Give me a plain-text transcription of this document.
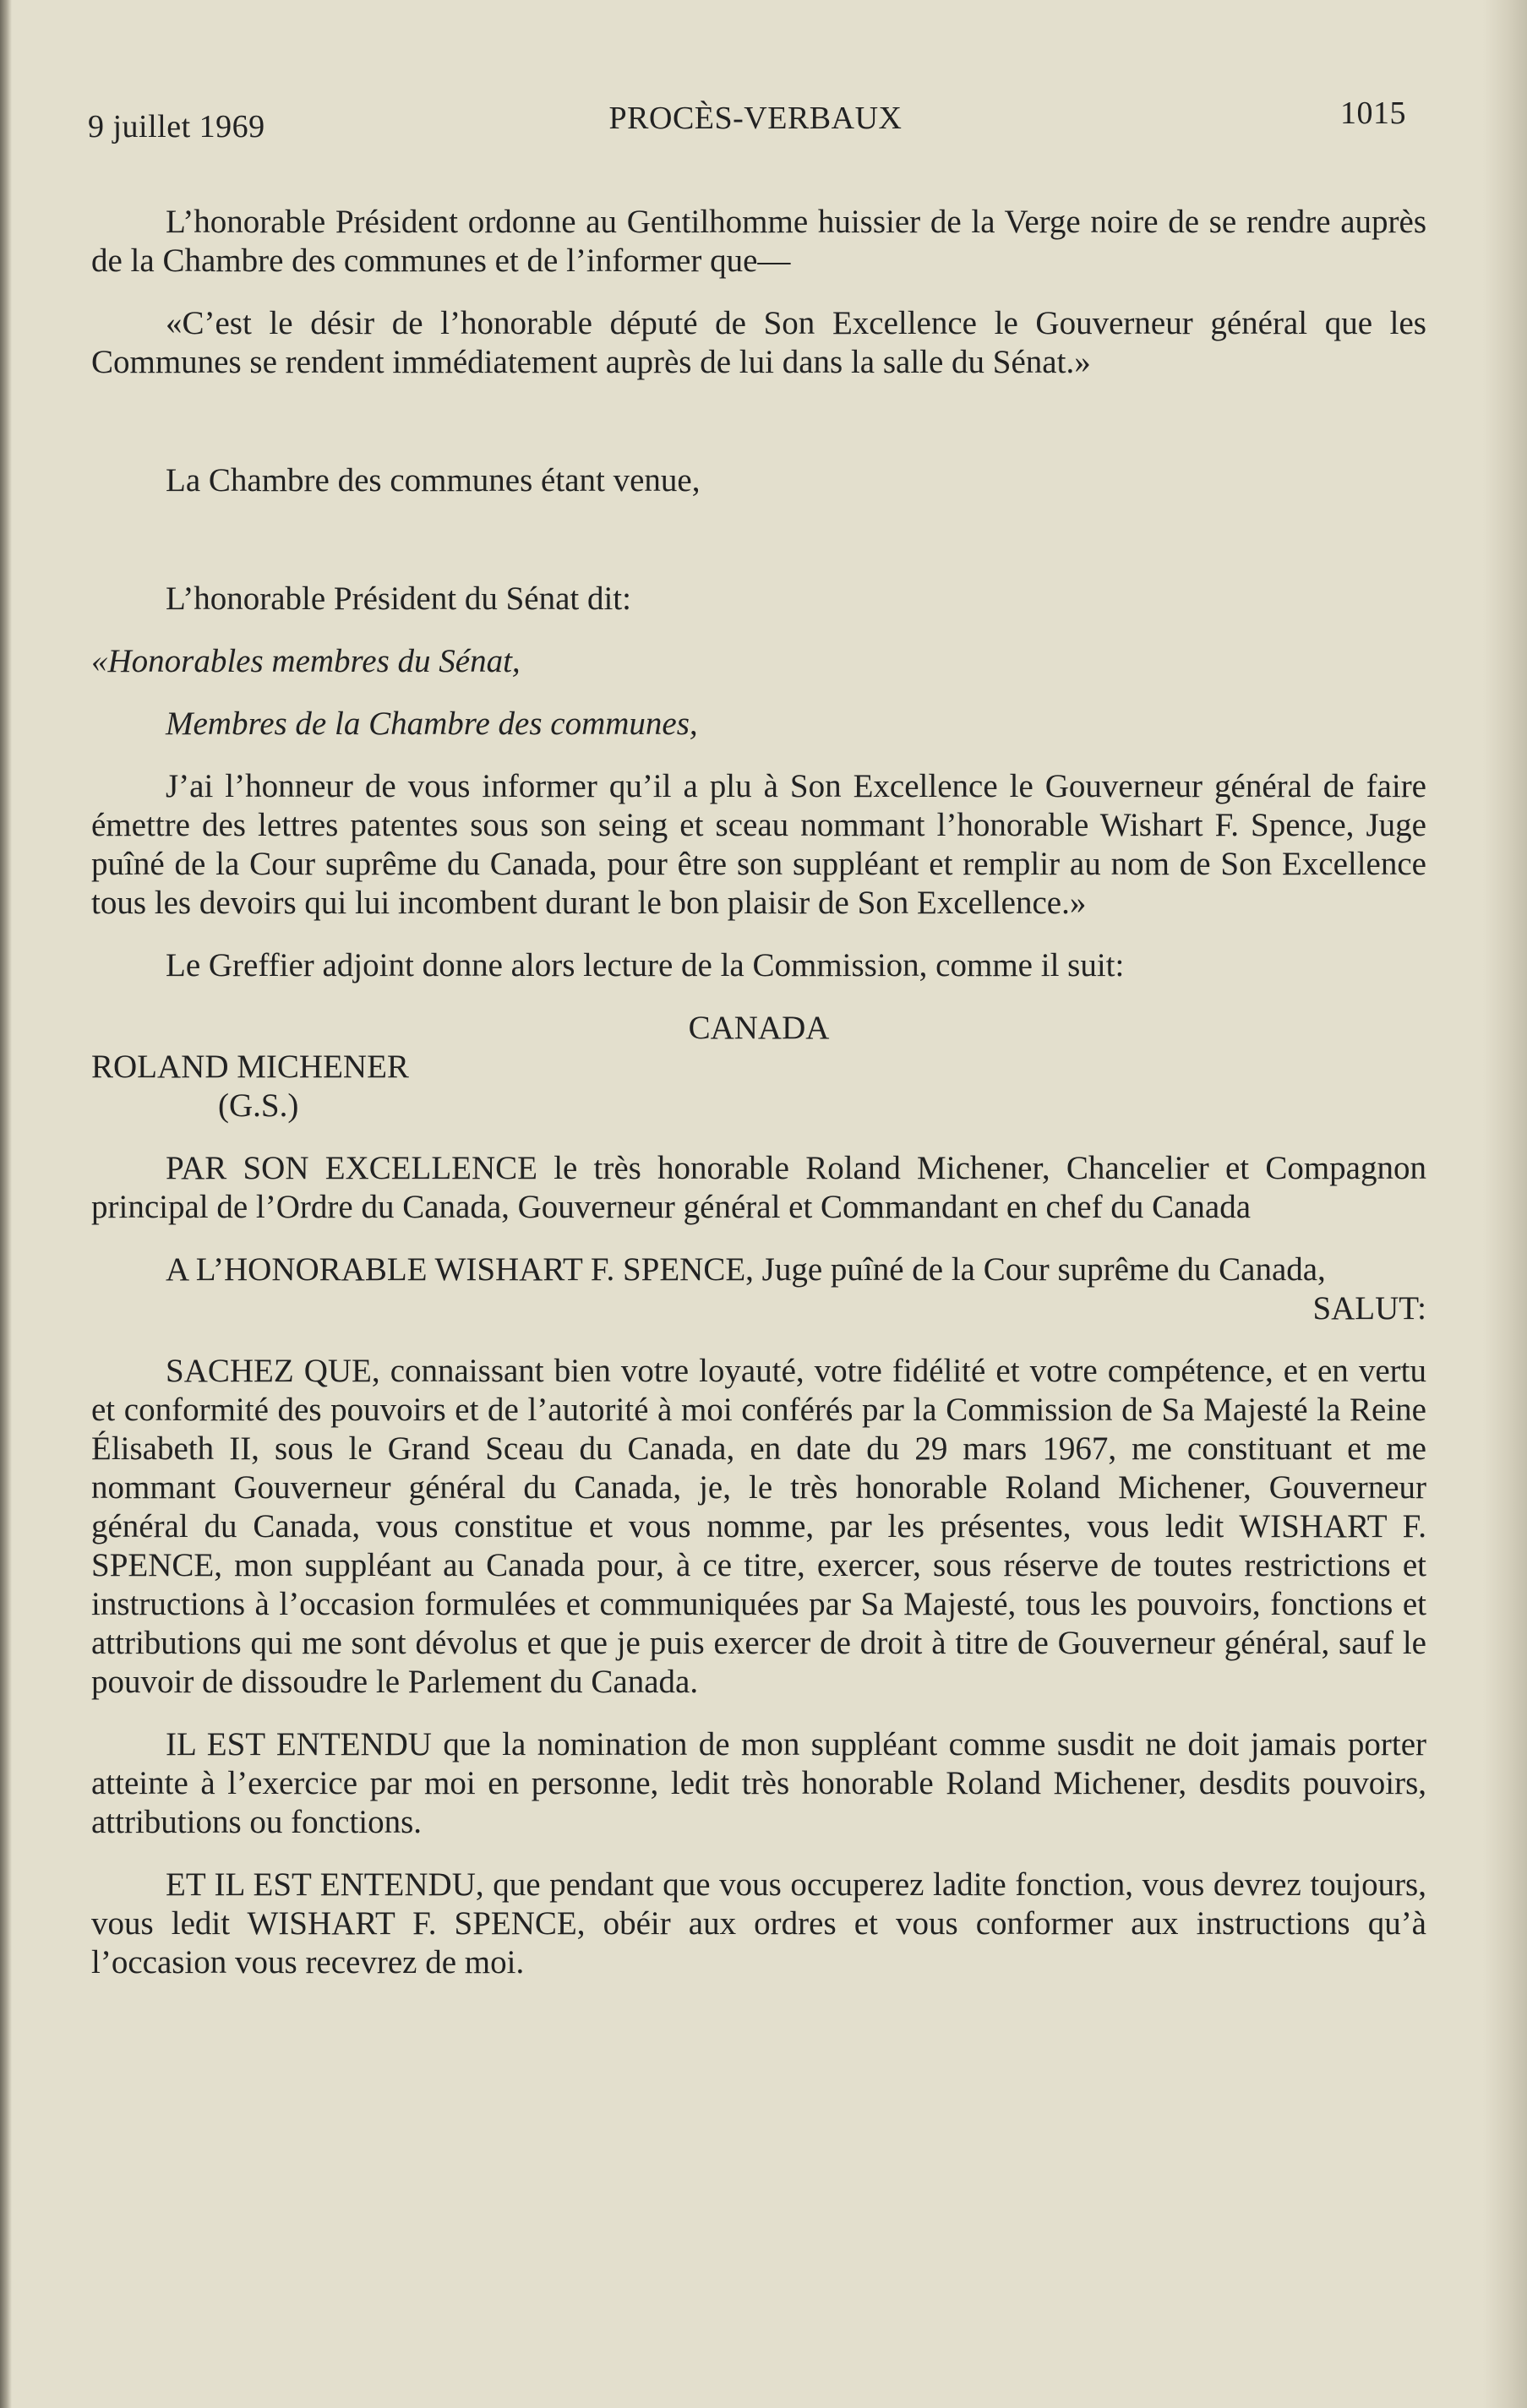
9 juillet 1969	PROCÈS-VERBAUX	1015

L’honorable Président ordonne au Gentilhomme huissier de la Verge noire de se rendre auprès de la Chambre des communes et de l’informer que—

«C’est le désir de l’honorable député de Son Excellence le Gouverneur général que les Communes se rendent immédiatement auprès de lui dans la salle du Sénat.»

La Chambre des communes étant venue,

L’honorable Président du Sénat dit:

«Honorables membres du Sénat,

Membres de la Chambre des communes,

J’ai l’honneur de vous informer qu’il a plu à Son Excellence le Gouverneur général de faire émettre des lettres patentes sous son seing et sceau nommant l’honorable Wishart F. Spence, Juge puîné de la Cour suprême du Canada, pour être son suppléant et remplir au nom de Son Excellence tous les devoirs qui lui incombent durant le bon plaisir de Son Excellence.»

Le Greffier adjoint donne alors lecture de la Commission, comme il suit:

CANADA

ROLAND MICHENER

(G.S.)

PAR SON EXCELLENCE le très honorable Roland Michener, Chancelier et Compagnon principal de l’Ordre du Canada, Gouverneur général et Commandant en chef du Canada

A L’HONORABLE WISHART F. SPENCE, Juge puîné de la Cour suprême du Canada,

SALUT:

SACHEZ QUE, connaissant bien votre loyauté, votre fidélité et votre compétence, et en vertu et conformité des pouvoirs et de l’autorité à moi conférés par la Commission de Sa Majesté la Reine Élisabeth II, sous le Grand Sceau du Canada, en date du 29 mars 1967, me constituant et me nommant Gouverneur général du Canada, je, le très honorable Roland Michener, Gouverneur général du Canada, vous constitue et vous nomme, par les présentes, vous ledit WISHART F. SPENCE, mon suppléant au Canada pour, à ce titre, exercer, sous réserve de toutes restrictions et instructions à l’occasion formulées et communiquées par Sa Majesté, tous les pouvoirs, fonctions et attributions qui me sont dévolus et que je puis exercer de droit à titre de Gouverneur général, sauf le pouvoir de dissoudre le Parlement du Canada.

IL EST ENTENDU que la nomination de mon suppléant comme susdit ne doit jamais porter atteinte à l’exercice par moi en personne, ledit très honorable Roland Michener, desdits pouvoirs, attributions ou fonctions.

ET IL EST ENTENDU, que pendant que vous occuperez ladite fonction, vous devrez toujours, vous ledit WISHART F. SPENCE, obéir aux ordres et vous conformer aux instructions qu’à l’occasion vous recevrez de moi.
